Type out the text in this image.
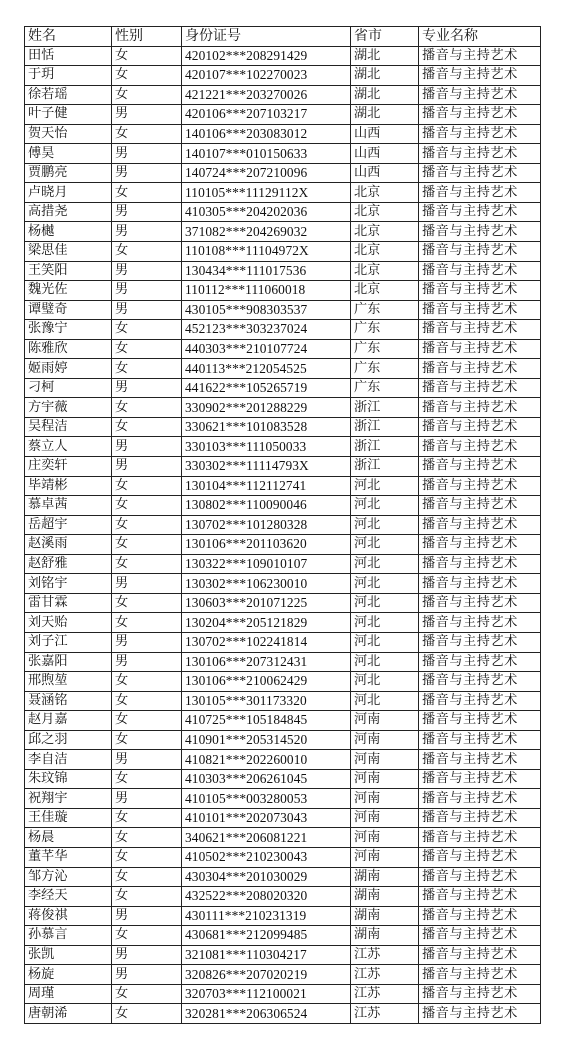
姓名	性别	身份证号	省市	专业名称
田恬	女	420102***208291429	湖北	播音与主持艺术
于玥	女	420107***102270023	湖北	播音与主持艺术
徐若瑶	女	421221***203270026	湖北	播音与主持艺术
叶子健	男	420106***207103217	湖北	播音与主持艺术
贺天怡	女	140106***203083012	山西	播音与主持艺术
傅昊	男	140107***010150633	山西	播音与主持艺术
贾鹏亮	男	140724***207210096	山西	播音与主持艺术
卢晓月	女	110105***11129112X	北京	播音与主持艺术
高措尧	男	410305***204202036	北京	播音与主持艺术
杨樾	男	371082***204269032	北京	播音与主持艺术
梁思佳	女	110108***11104972X	北京	播音与主持艺术
王笑阳	男	130434***111017536	北京	播音与主持艺术
魏光佐	男	110112***111060018	北京	播音与主持艺术
谭璧奇	男	430105***908303537	广东	播音与主持艺术
张豫宁	女	452123***303237024	广东	播音与主持艺术
陈雅欣	女	440303***210107724	广东	播音与主持艺术
姬雨婷	女	440113***212054525	广东	播音与主持艺术
刁柯	男	441622***105265719	广东	播音与主持艺术
方宇薇	女	330902***201288229	浙江	播音与主持艺术
吴程洁	女	330621***101083528	浙江	播音与主持艺术
蔡立人	男	330103***111050033	浙江	播音与主持艺术
庄奕轩	男	330302***11114793X	浙江	播音与主持艺术
毕靖彬	女	130104***112112741	河北	播音与主持艺术
慕卓茜	女	130802***110090046	河北	播音与主持艺术
岳超宇	女	130702***101280328	河北	播音与主持艺术
赵溪雨	女	130106***201103620	河北	播音与主持艺术
赵舒雅	女	130322***109010107	河北	播音与主持艺术
刘铭宇	男	130302***106230010	河北	播音与主持艺术
雷甘霖	女	130603***201071225	河北	播音与主持艺术
刘天贻	女	130204***205121829	河北	播音与主持艺术
刘子江	男	130702***102241814	河北	播音与主持艺术
张嘉阳	男	130106***207312431	河北	播音与主持艺术
邢煦堃	女	130106***210062429	河北	播音与主持艺术
聂涵铭	女	130105***301173320	河北	播音与主持艺术
赵月嘉	女	410725***105184845	河南	播音与主持艺术
邱之羽	女	410901***205314520	河南	播音与主持艺术
李自洁	男	410821***202260010	河南	播音与主持艺术
朱玟锦	女	410303***206261045	河南	播音与主持艺术
祝翔宇	男	410105***003280053	河南	播音与主持艺术
王佳璇	女	410101***202073043	河南	播音与主持艺术
杨晨	女	340621***206081221	河南	播音与主持艺术
董芊华	女	410502***210230043	河南	播音与主持艺术
邹方沁	女	430304***201030029	湖南	播音与主持艺术
李经天	女	432522***208020320	湖南	播音与主持艺术
蒋俊祺	男	430111***210231319	湖南	播音与主持艺术
孙慕言	女	430681***212099485	湖南	播音与主持艺术
张凯	男	321081***110304217	江苏	播音与主持艺术
杨旋	男	320826***207020219	江苏	播音与主持艺术
周瑾	女	320703***112100021	江苏	播音与主持艺术
唐朝浠	女	320281***206306524	江苏	播音与主持艺术
